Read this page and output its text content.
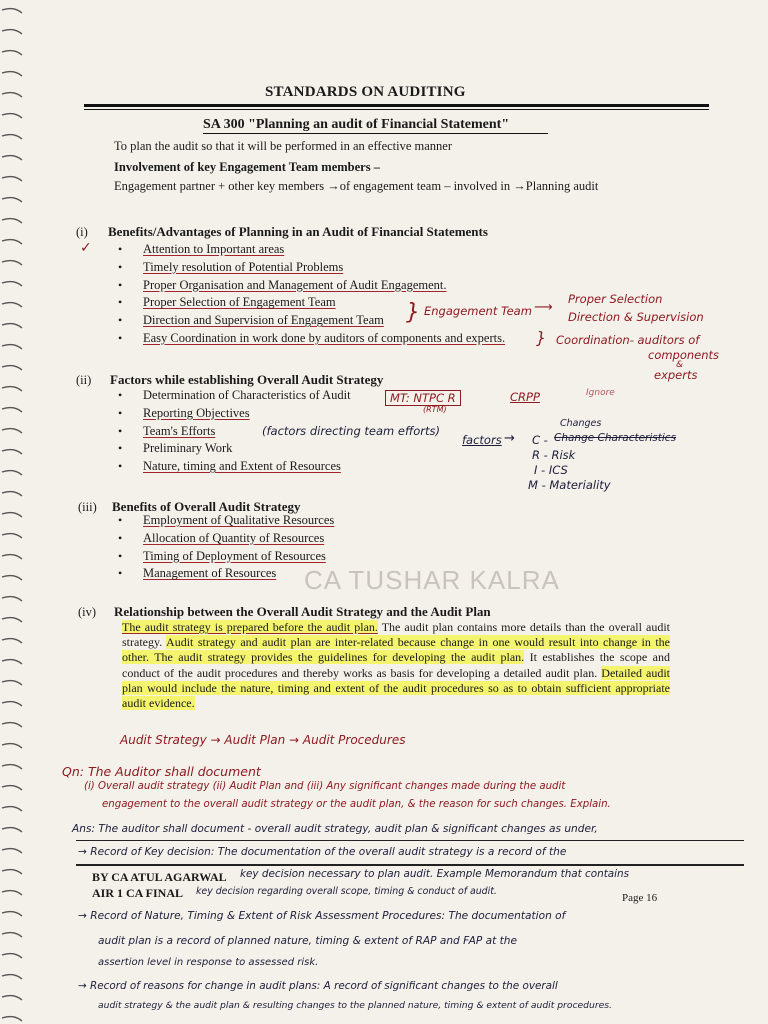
STANDARDS ON AUDITING
SA 300 "Planning an audit of Financial Statement"
To plan the audit so that it will be performed in an effective manner
Involvement of key Engagement Team members –
Engagement partner + other key members →of engagement team – involved in →Planning audit
(i) Benefits/Advantages of Planning in an Audit of Financial Statements
✓
•	Attention to Important areas
• Timely resolution of Potential Problems
• Proper Organisation and Management of Audit Engagement.
• Proper Selection of Engagement Team
• Direction and Supervision of Engagement Team
• Easy Coordination in work done by auditors of components and experts.
} Engagement Team ⟶
Proper Selection
Direction & Supervision
} Coordination- auditors of
components
&
experts
(ii) Factors while establishing Overall Audit Strategy
• Determination of Characteristics of Audit
• Reporting Objectives
• Team's Efforts
• Preliminary Work
• Nature, timing and Extent of Resources
MT: NTPC R
(RTM)
CRPP	Ignore
(factors directing team efforts)
factors → C -
Changes
Change Characteristics
R - Risk
I - ICS
M - Materiality
(iii) Benefits of Overall Audit Strategy
• Employment of Qualitative Resources
• Allocation of Quantity of Resources
• Timing of Deployment of Resources
• Management of Resources	CA TUSHAR KALRA
(iv) Relationship between the Overall Audit Strategy and the Audit Plan
The audit strategy is prepared before the audit plan. The audit plan contains more details than the overall audit strategy. Audit strategy and audit plan are inter-related because change in one would result into change in the other. The audit strategy provides the guidelines for developing the audit plan. It establishes the scope and conduct of the audit procedures and thereby works as basis for developing a detailed audit plan. Detailed audit plan would include the nature, timing and extent of the audit procedures so as to obtain sufficient appropriate audit evidence.
Audit Strategy → Audit Plan → Audit Procedures
Qn: The Auditor shall document
(i) Overall audit strategy (ii) Audit Plan and (iii) Any significant changes made during the audit
engagement to the overall audit strategy or the audit plan, & the reason for such changes. Explain.
Ans: The auditor shall document - overall audit strategy, audit plan & significant changes as under,
→ Record of Key decision: The documentation of the overall audit strategy is a record of the
BY CA ATUL AGARWAL key decision necessary to plan audit. Example Memorandum that contains
AIR 1 CA FINAL key decision regarding overall scope, timing & conduct of audit.
Page 16
→ Record of Nature, Timing & Extent of Risk Assessment Procedures: The documentation of
audit plan is a record of planned nature, timing & extent of RAP and FAP at the
assertion level in response to assessed risk.
→ Record of reasons for change in audit plans: A record of significant changes to the overall
audit strategy & the audit plan & resulting changes to the planned nature, timing & extent of audit procedures.
